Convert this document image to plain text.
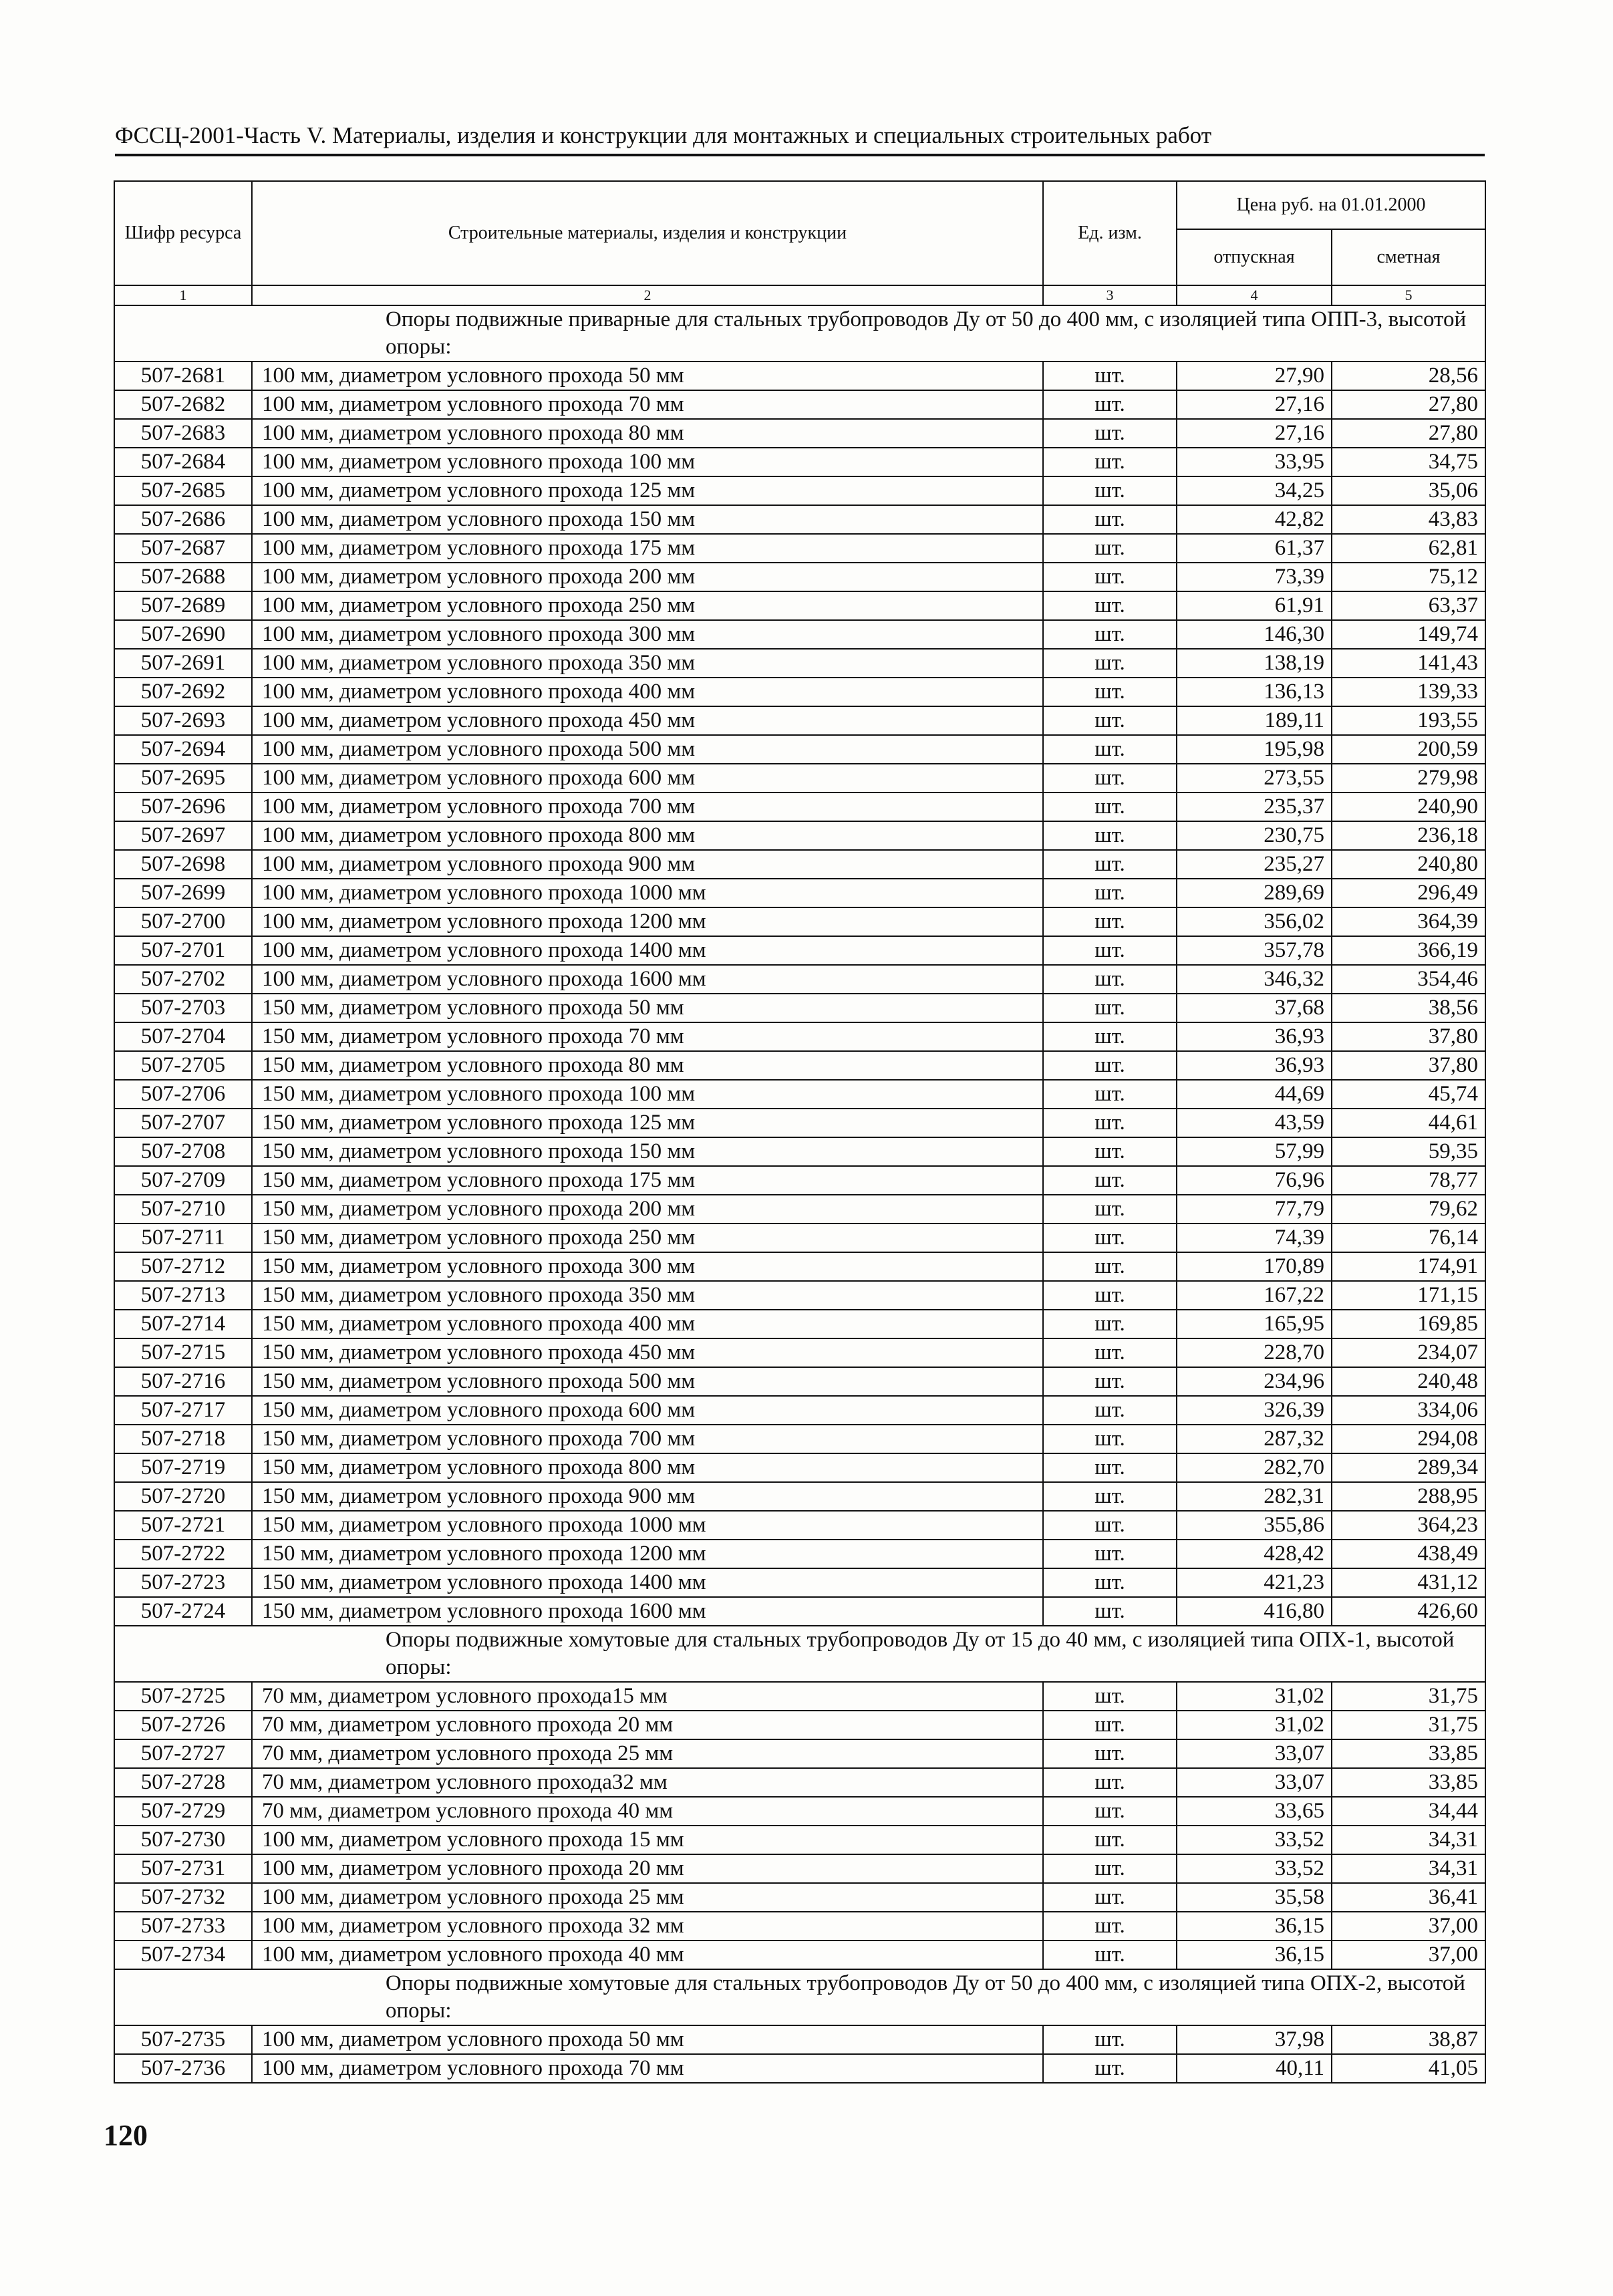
ФССЦ-2001-Часть V. Материалы, изделия и конструкции для монтажных и специальных строительных работ
Шифр ресурса	Строительные материалы, изделия и конструкции	Ед. изм.	Цена руб. на 01.01.2000	
			отпускная	сметная
1	2	3	4	5
	Опоры подвижные приварные для стальных трубопроводов Ду от 50 до 400 мм, с изоляцией типа ОПП-3, высотой опоры:			
507-2681	100 мм, диаметром условного прохода 50 мм	шт.	27,90	28,56
507-2682	100 мм, диаметром условного прохода 70 мм	шт.	27,16	27,80
507-2683	100 мм, диаметром условного прохода 80 мм	шт.	27,16	27,80
507-2684	100 мм, диаметром условного прохода 100 мм	шт.	33,95	34,75
507-2685	100 мм, диаметром условного прохода 125 мм	шт.	34,25	35,06
507-2686	100 мм, диаметром условного прохода 150 мм	шт.	42,82	43,83
507-2687	100 мм, диаметром условного прохода 175 мм	шт.	61,37	62,81
507-2688	100 мм, диаметром условного прохода 200 мм	шт.	73,39	75,12
507-2689	100 мм, диаметром условного прохода 250 мм	шт.	61,91	63,37
507-2690	100 мм, диаметром условного прохода 300 мм	шт.	146,30	149,74
507-2691	100 мм, диаметром условного прохода 350 мм	шт.	138,19	141,43
507-2692	100 мм, диаметром условного прохода 400 мм	шт.	136,13	139,33
507-2693	100 мм, диаметром условного прохода 450 мм	шт.	189,11	193,55
507-2694	100 мм, диаметром условного прохода 500 мм	шт.	195,98	200,59
507-2695	100 мм, диаметром условного прохода 600 мм	шт.	273,55	279,98
507-2696	100 мм, диаметром условного прохода 700 мм	шт.	235,37	240,90
507-2697	100 мм, диаметром условного прохода 800 мм	шт.	230,75	236,18
507-2698	100 мм, диаметром условного прохода 900 мм	шт.	235,27	240,80
507-2699	100 мм, диаметром условного прохода 1000 мм	шт.	289,69	296,49
507-2700	100 мм, диаметром условного прохода 1200 мм	шт.	356,02	364,39
507-2701	100 мм, диаметром условного прохода 1400 мм	шт.	357,78	366,19
507-2702	100 мм, диаметром условного прохода 1600 мм	шт.	346,32	354,46
507-2703	150 мм, диаметром условного прохода 50 мм	шт.	37,68	38,56
507-2704	150 мм, диаметром условного прохода 70 мм	шт.	36,93	37,80
507-2705	150 мм, диаметром условного прохода 80 мм	шт.	36,93	37,80
507-2706	150 мм, диаметром условного прохода 100 мм	шт.	44,69	45,74
507-2707	150 мм, диаметром условного прохода 125 мм	шт.	43,59	44,61
507-2708	150 мм, диаметром условного прохода 150 мм	шт.	57,99	59,35
507-2709	150 мм, диаметром условного прохода 175 мм	шт.	76,96	78,77
507-2710	150 мм, диаметром условного прохода 200 мм	шт.	77,79	79,62
507-2711	150 мм, диаметром условного прохода 250 мм	шт.	74,39	76,14
507-2712	150 мм, диаметром условного прохода 300 мм	шт.	170,89	174,91
507-2713	150 мм, диаметром условного прохода 350 мм	шт.	167,22	171,15
507-2714	150 мм, диаметром условного прохода 400 мм	шт.	165,95	169,85
507-2715	150 мм, диаметром условного прохода 450 мм	шт.	228,70	234,07
507-2716	150 мм, диаметром условного прохода 500 мм	шт.	234,96	240,48
507-2717	150 мм, диаметром условного прохода 600 мм	шт.	326,39	334,06
507-2718	150 мм, диаметром условного прохода 700 мм	шт.	287,32	294,08
507-2719	150 мм, диаметром условного прохода 800 мм	шт.	282,70	289,34
507-2720	150 мм, диаметром условного прохода 900 мм	шт.	282,31	288,95
507-2721	150 мм, диаметром условного прохода 1000 мм	шт.	355,86	364,23
507-2722	150 мм, диаметром условного прохода 1200 мм	шт.	428,42	438,49
507-2723	150 мм, диаметром условного прохода 1400 мм	шт.	421,23	431,12
507-2724	150 мм, диаметром условного прохода 1600 мм	шт.	416,80	426,60
	Опоры подвижные хомутовые для стальных трубопроводов Ду от 15 до 40 мм, с изоляцией типа ОПХ-1, высотой опоры:			
507-2725	70 мм, диаметром условного прохода15 мм	шт.	31,02	31,75
507-2726	70 мм, диаметром условного прохода 20 мм	шт.	31,02	31,75
507-2727	70 мм, диаметром условного прохода 25 мм	шт.	33,07	33,85
507-2728	70 мм, диаметром условного прохода32 мм	шт.	33,07	33,85
507-2729	70 мм, диаметром условного прохода 40 мм	шт.	33,65	34,44
507-2730	100 мм, диаметром условного прохода 15 мм	шт.	33,52	34,31
507-2731	100 мм, диаметром условного прохода 20 мм	шт.	33,52	34,31
507-2732	100 мм, диаметром условного прохода 25 мм	шт.	35,58	36,41
507-2733	100 мм, диаметром условного прохода 32 мм	шт.	36,15	37,00
507-2734	100 мм, диаметром условного прохода 40 мм	шт.	36,15	37,00
	Опоры подвижные хомутовые для стальных трубопроводов Ду от 50 до 400 мм, с изоляцией типа ОПХ-2, высотой опоры:			
507-2735	100 мм, диаметром условного прохода 50 мм	шт.	37,98	38,87
507-2736	100 мм, диаметром условного прохода 70 мм	шт.	40,11	41,05
120
